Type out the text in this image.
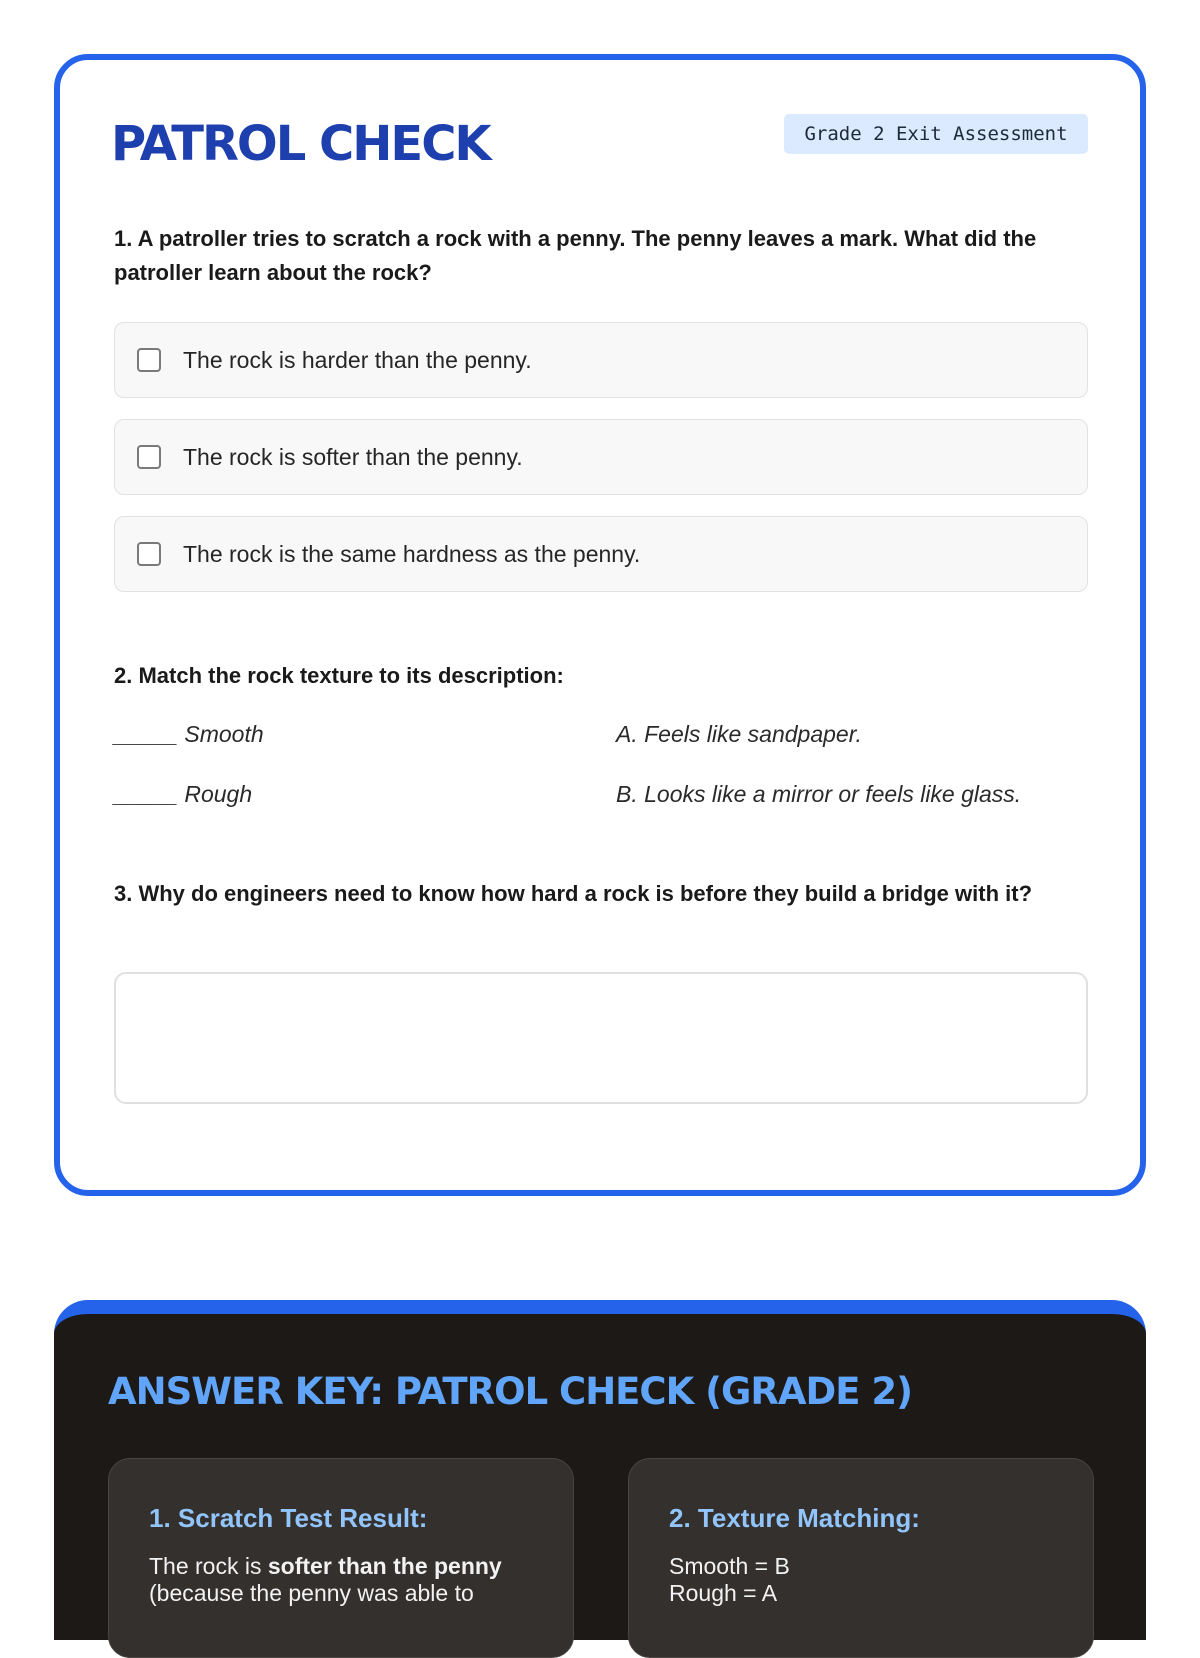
PATROL CHECK	Grade 2 Exit Assessment

1. A patroller tries to scratch a rock with a penny. The penny leaves a mark. What did the patroller learn about the rock?

The rock is harder than the penny.
The rock is softer than the penny.
The rock is the same hardness as the penny.

2. Match the rock texture to its description:

_____ Smooth	A. Feels like sandpaper.
_____ Rough	B. Looks like a mirror or feels like glass.

3. Why do engineers need to know how hard a rock is before they build a bridge with it?

ANSWER KEY: PATROL CHECK (GRADE 2)
1. Scratch Test Result:
The rock is softer than the penny
(because the penny was able to
2. Texture Matching:
Smooth = B
Rough = A
